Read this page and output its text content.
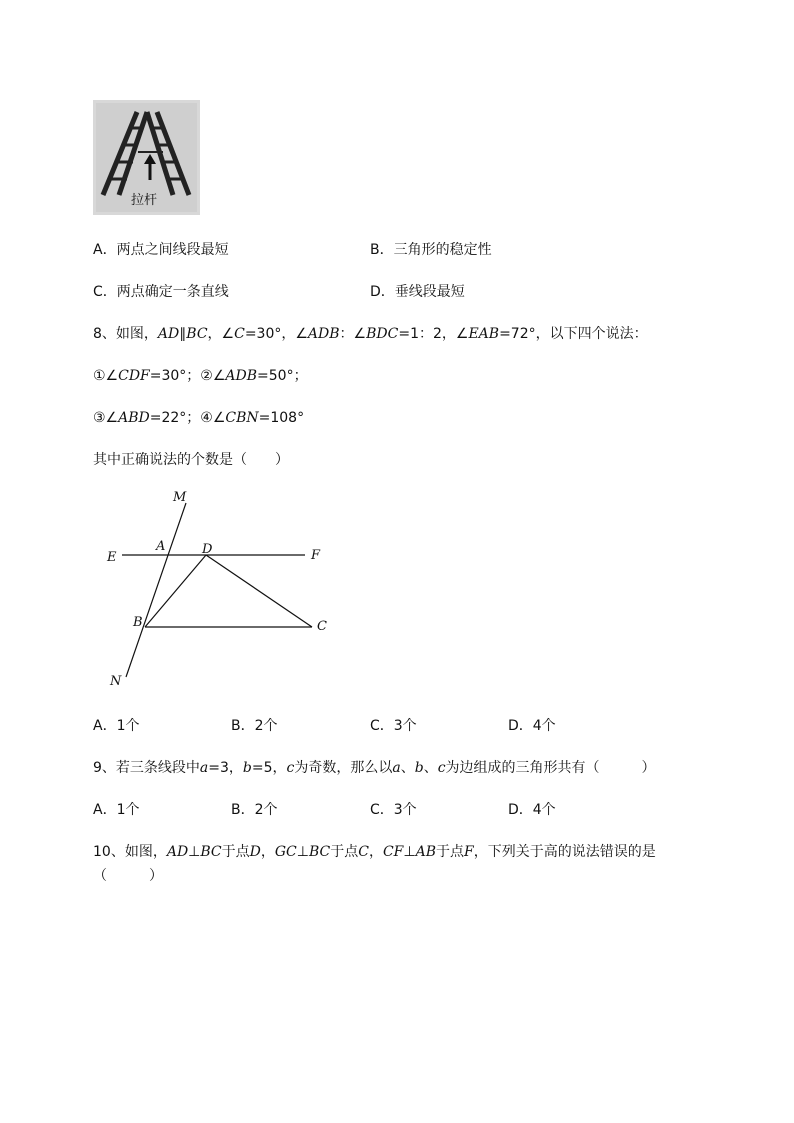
拉杆
A．两点之间线段最短	B．三角形的稳定性
C．两点确定一条直线	D．垂线段最短
8、如图，AD∥BC，∠C=30°，∠ADB：∠BDC=1：2，∠EAB=72°，以下四个说法：
①∠CDF=30°；②∠ADB=50°；
③∠ABD=22°；④∠CBN=108°
其中正确说法的个数是（　　）
M
A	D
E	F
B	C
N
A．1个	B．2个	C．3个	D．4个
9、若三条线段中a=3，b=5，c为奇数，那么以a、b、c为边组成的三角形共有（　　　）
A．1个	B．2个	C．3个	D．4个
10、如图，AD⊥BC于点D，GC⊥BC于点C，CF⊥AB于点F，下列关于高的说法错误的是
（　　　）
